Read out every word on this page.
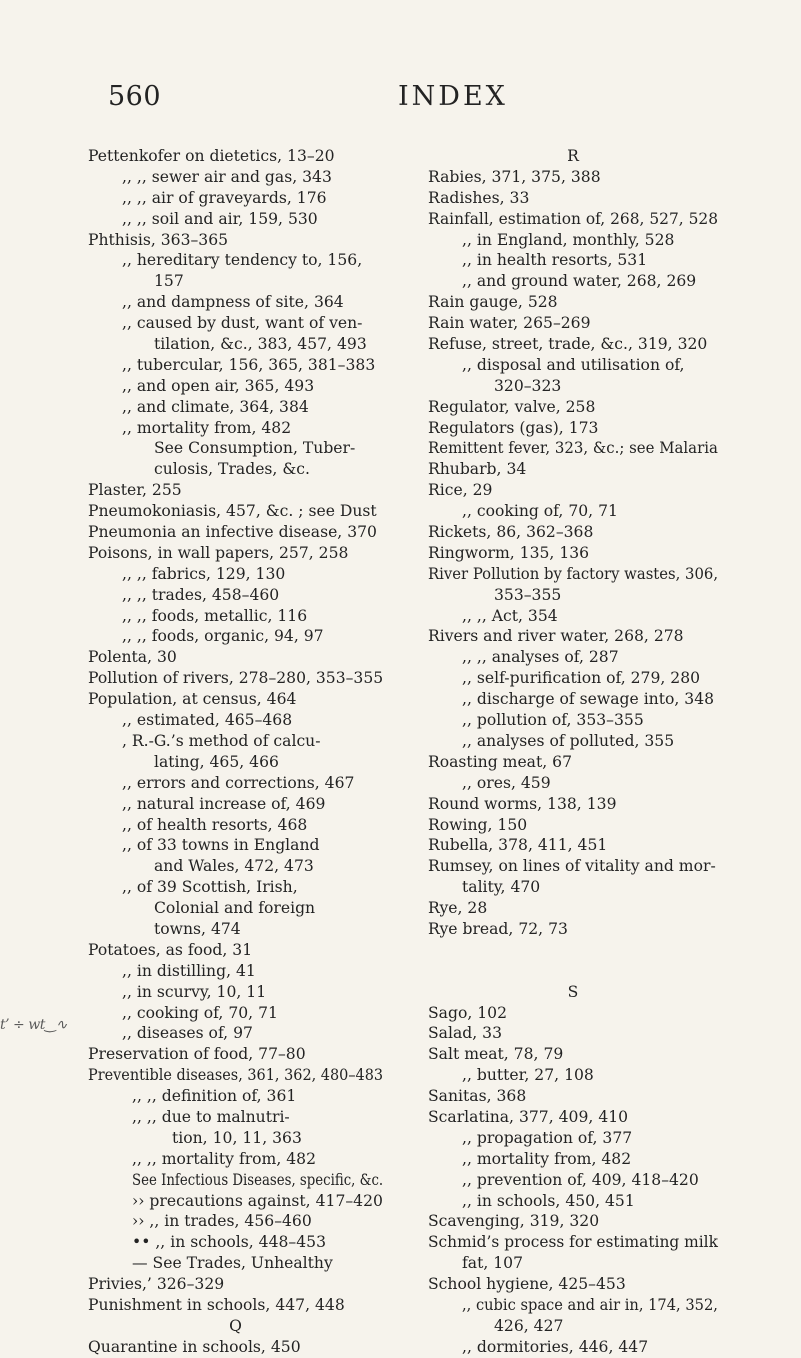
560	INDEX
Pettenkofer on dietetics, 13–20
,, ,, sewer air and gas, 343
,, ,, air of graveyards, 176
,, ,, soil and air, 159, 530
Phthisis, 363–365
,, hereditary tendency to, 156,
157
,, and dampness of site, 364
,, caused by dust, want of ven-
tilation, &c., 383, 457, 493
,, tubercular, 156, 365, 381–383
,, and open air, 365, 493
,, and climate, 364, 384
,, mortality from, 482
See Consumption, Tuber-
culosis, Trades, &c.
Plaster, 255
Pneumokoniasis, 457, &c. ; see Dust
Pneumonia an infective disease, 370
Poisons, in wall papers, 257, 258
,, ,, fabrics, 129, 130
,, ,, trades, 458–460
,, ,, foods, metallic, 116
,, ,, foods, organic, 94, 97
Polenta, 30
Pollution of rivers, 278–280, 353–355
Population, at census, 464
,, estimated, 465–468
, R.-G.’s method of calcu-
lating, 465, 466
,, errors and corrections, 467
,, natural increase of, 469
,, of health resorts, 468
,, of 33 towns in England
and Wales, 472, 473
,, of 39 Scottish, Irish,
Colonial and foreign
towns, 474
Potatoes, as food, 31
,, in distilling, 41
,, in scurvy, 10, 11
,, cooking of, 70, 71
,, diseases of, 97
Preservation of food, 77–80
Preventible diseases, 361, 362, 480–483
,, ,, definition of, 361
,, ,, due to malnutri-
tion, 10, 11, 363
,, ,, mortality from, 482
See Infectious Diseases, specific, &c.
›› precautions against, 417–420
›› ,, in trades, 456–460
•• ,, in schools, 448–453
— See Trades, Unhealthy
Privies,’ 326–329
Punishment in schools, 447, 448
Q
Quarantine in schools, 450
R
Rabies, 371, 375, 388
Radishes, 33
Rainfall, estimation of, 268, 527, 528
,, in England, monthly, 528
,, in health resorts, 531
,, and ground water, 268, 269
Rain gauge, 528
Rain water, 265–269
Refuse, street, trade, &c., 319, 320
,, disposal and utilisation of,
320–323
Regulator, valve, 258
Regulators (gas), 173
Remittent fever, 323, &c.; see Malaria
Rhubarb, 34
Rice, 29
,, cooking of, 70, 71
Rickets, 86, 362–368
Ringworm, 135, 136
River Pollution by factory wastes, 306,
353–355
,, ,, Act, 354
Rivers and river water, 268, 278
,, ,, analyses of, 287
,, self-purification of, 279, 280
,, discharge of sewage into, 348
,, pollution of, 353–355
,, analyses of polluted, 355
Roasting meat, 67
,, ores, 459
Round worms, 138, 139
Rowing, 150
Rubella, 378, 411, 451
Rumsey, on lines of vitality and mor-
tality, 470
Rye, 28
Rye bread, 72, 73
S
Sago, 102
Salad, 33
Salt meat, 78, 79
,, butter, 27, 108
Sanitas, 368
Scarlatina, 377, 409, 410
,, propagation of, 377
,, mortality from, 482
,, prevention of, 409, 418–420
,, in schools, 450, 451
Scavenging, 319, 320
Schmid’s process for estimating milk
fat, 107
School hygiene, 425–453
,, cubic space and air in, 174, 352,
426, 427
,, dormitories, 446, 447
t’ ÷ wt‿∿
